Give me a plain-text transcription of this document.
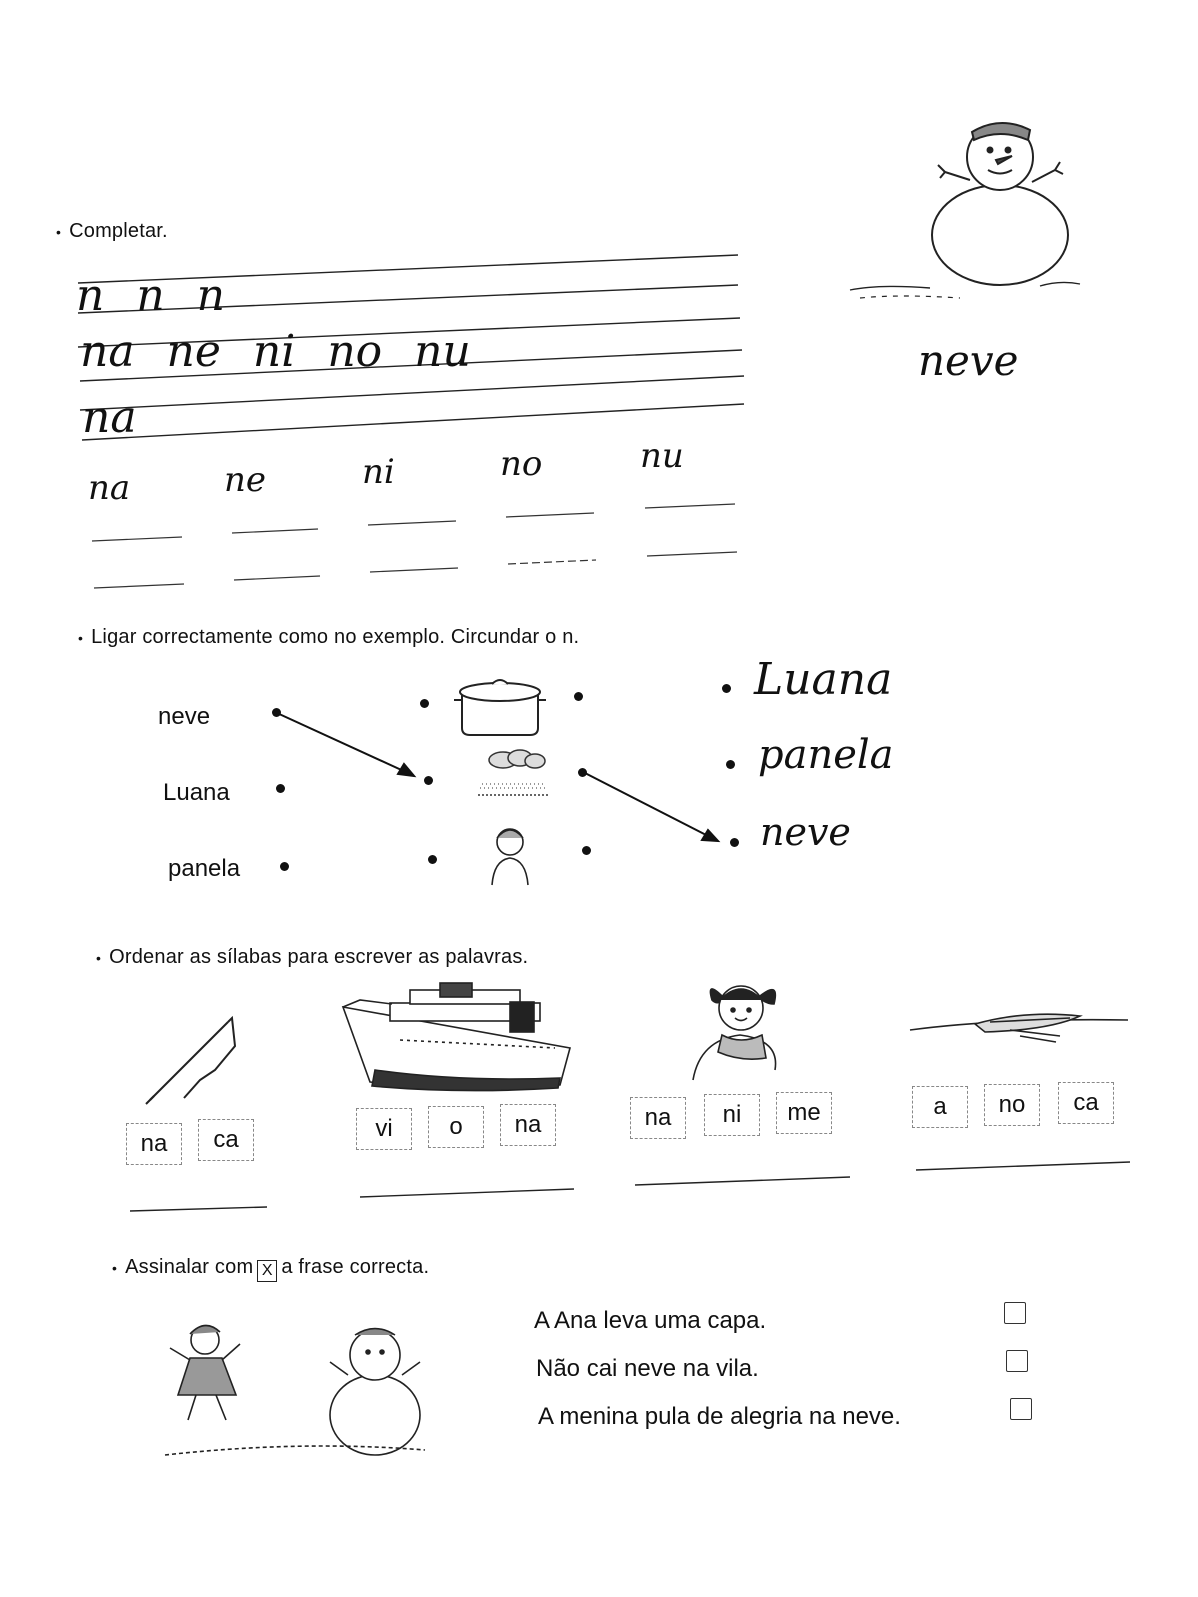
• Completar.
n n n
na ne ni no nu
na
na	ne	ni	no	nu
neve
• Ligar correctamente como no exemplo. Circundar o n.
neve
Luana
panela
Luana
panela
neve
• Ordenar as sílabas para escrever as palavras.
na	ca	vi	o	na	na	ni	me	a	no	ca
• Assinalar com X a frase correcta.
A Ana leva uma capa.
Não cai neve na vila.
A menina pula de alegria na neve.
